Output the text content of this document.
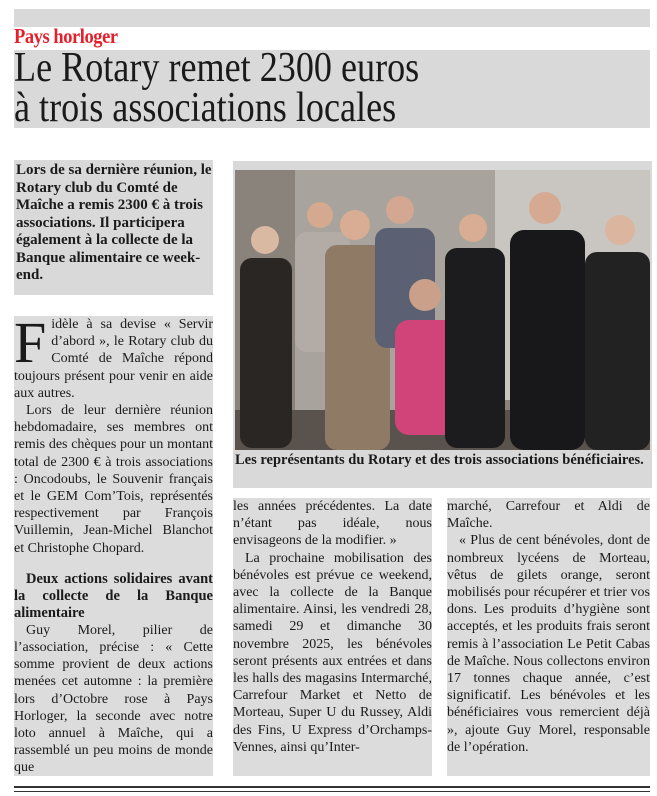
Pays horloger
Le Rotary remet 2300 euros
à trois associations locales
Lors de sa dernière réunion, le Rotary club du Comté de Maîche a remis 2300 € à trois associations. Il participera également à la collecte de la Banque alimentaire ce week-end.

Fidèle à sa devise « Servir d’abord », le Rotary club du Comté de Maîche répond toujours présent pour venir en aide aux autres.

Lors de leur dernière réunion hebdomadaire, ses membres ont remis des chèques pour un montant total de 2300 € à trois associations : Oncodoubs, le Souvenir français et le GEM Com’Tois, représentés respectivement par François Vuillemin, Jean-Michel Blanchot et Christophe Chopard.

Deux actions solidaires avant la collecte de la Banque alimentaire

Guy Morel, pilier de l’association, précise : « Cette somme provient de deux actions menées cet automne : la première lors d’Octobre rose à Pays Horloger, la seconde avec notre loto annuel à Maîche, qui a rassemblé un peu moins de monde que

Les représentants du Rotary et des trois associations bénéficiaires.

les années précédentes. La date n’étant pas idéale, nous envisageons de la modifier. »

La prochaine mobilisation des bénévoles est prévue ce weekend, avec la collecte de la Banque alimentaire. Ainsi, les vendredi 28, samedi 29 et dimanche 30 novembre 2025, les bénévoles seront présents aux entrées et dans les halls des magasins Intermarché, Carrefour Market et Netto de Morteau, Super U du Russey, Aldi des Fins, U Express d’Orchamps-Vennes, ainsi qu’Inter-

marché, Carrefour et Aldi de Maîche.

« Plus de cent bénévoles, dont de nombreux lycéens de Morteau, vêtus de gilets orange, seront mobilisés pour récupérer et trier vos dons. Les produits d’hygiène sont acceptés, et les produits frais seront remis à l’association Le Petit Cabas de Maîche. Nous collectons environ 17 tonnes chaque année, c’est significatif. Les bénévoles et les bénéficiaires vous remercient déjà », ajoute Guy Morel, responsable de l’opération.
